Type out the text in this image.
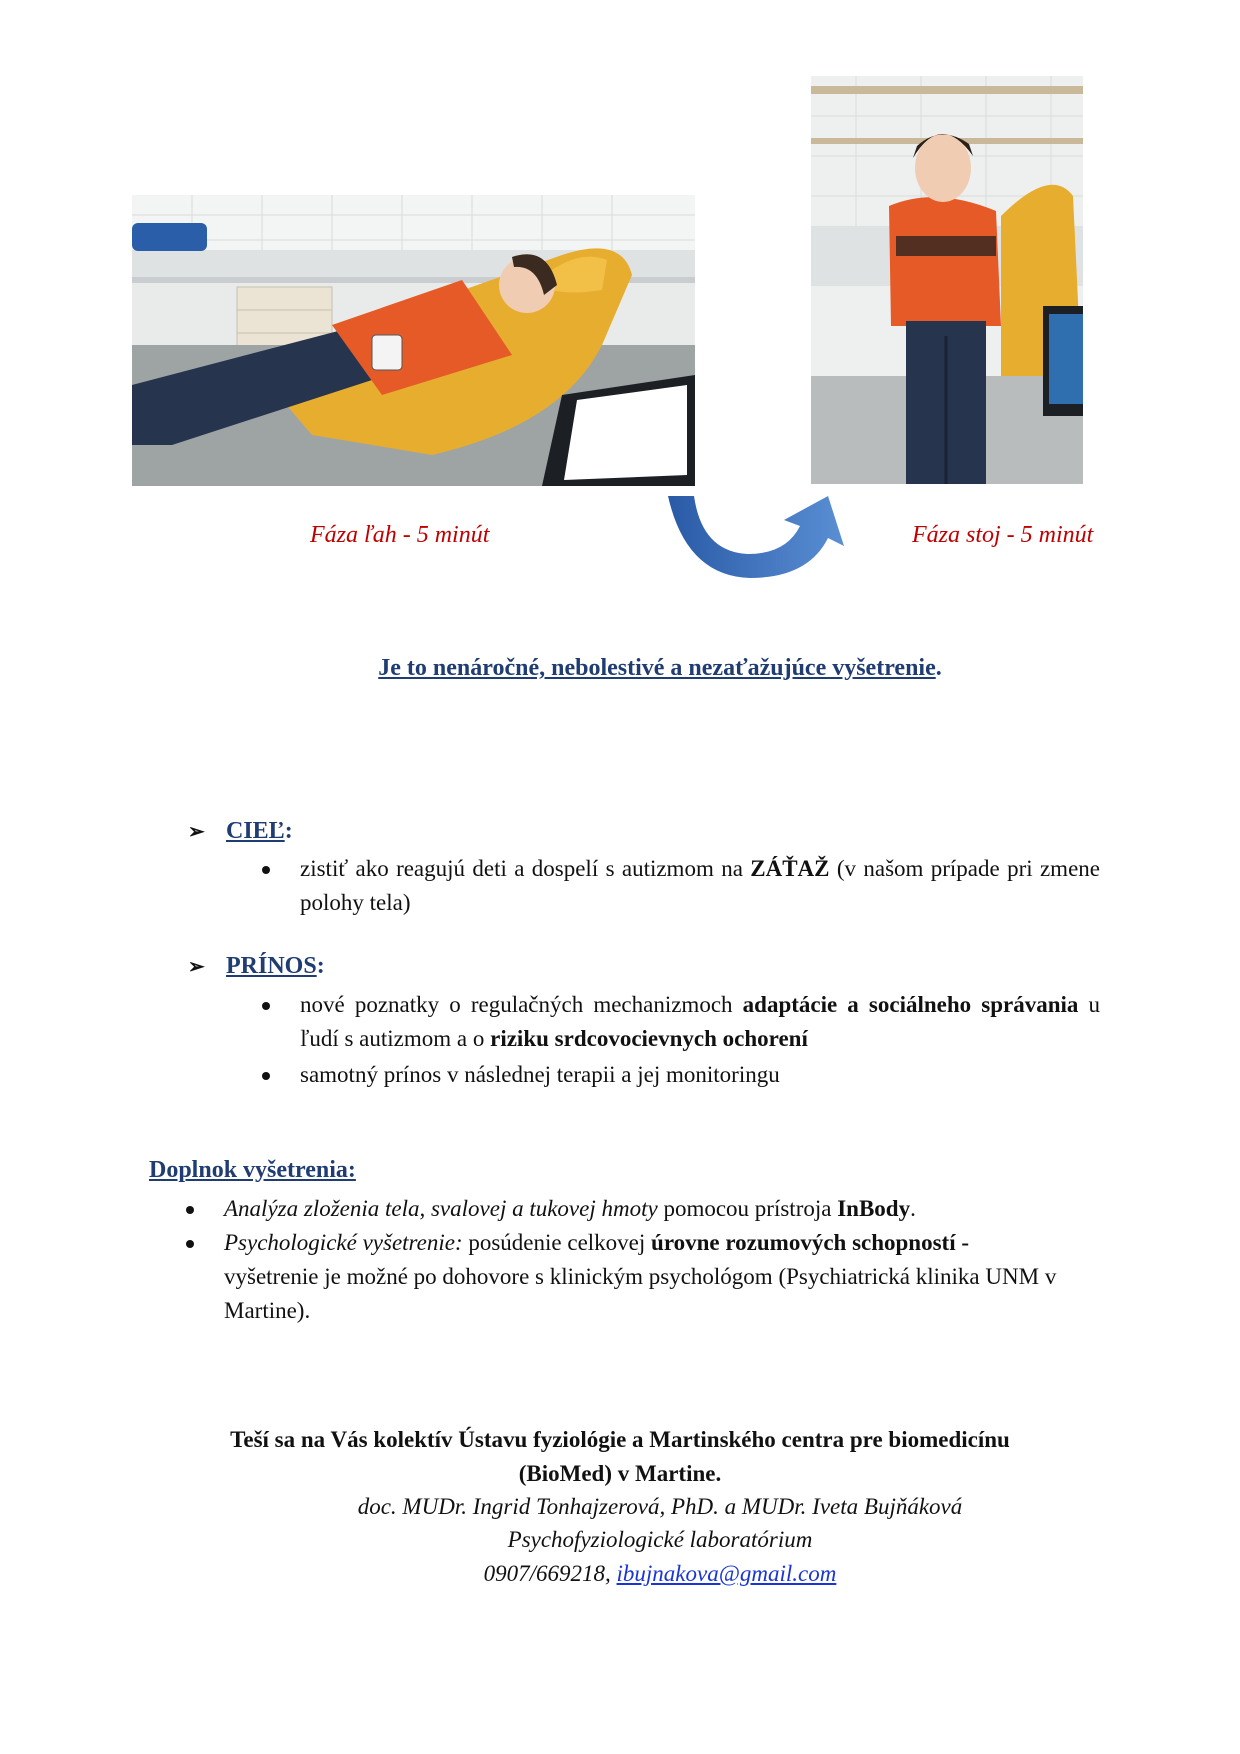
Fáza ľah - 5 minút	Fáza stoj - 5 minút
Je to nenáročné, nebolestivé a nezaťažujúce vyšetrenie.
➢ CIEĽ:
zistiť ako reagujú deti a dospelí s autizmom na ZÁŤAŽ (v našom prípade pri zmene polohy tela)
➢ PRÍNOS:
nové poznatky o regulačných mechanizmoch adaptácie a sociálneho správania u ľudí s autizmom a o riziku srdcovocievnych ochorení
samotný prínos v následnej terapii a jej monitoringu
Doplnok vyšetrenia:
Analýza zloženia tela, svalovej a tukovej hmoty pomocou prístroja InBody.
Psychologické vyšetrenie: posúdenie celkovej úrovne rozumových schopností - vyšetrenie je možné po dohovore s klinickým psychológom (Psychiatrická klinika UNM v Martine).
Teší sa na Vás kolektív Ústavu fyziológie a Martinského centra pre biomedicínu
(BioMed) v Martine.
doc. MUDr. Ingrid Tonhajzerová, PhD. a MUDr. Iveta Bujňáková
Psychofyziologické laboratórium
0907/669218, ibujnakova@gmail.com
